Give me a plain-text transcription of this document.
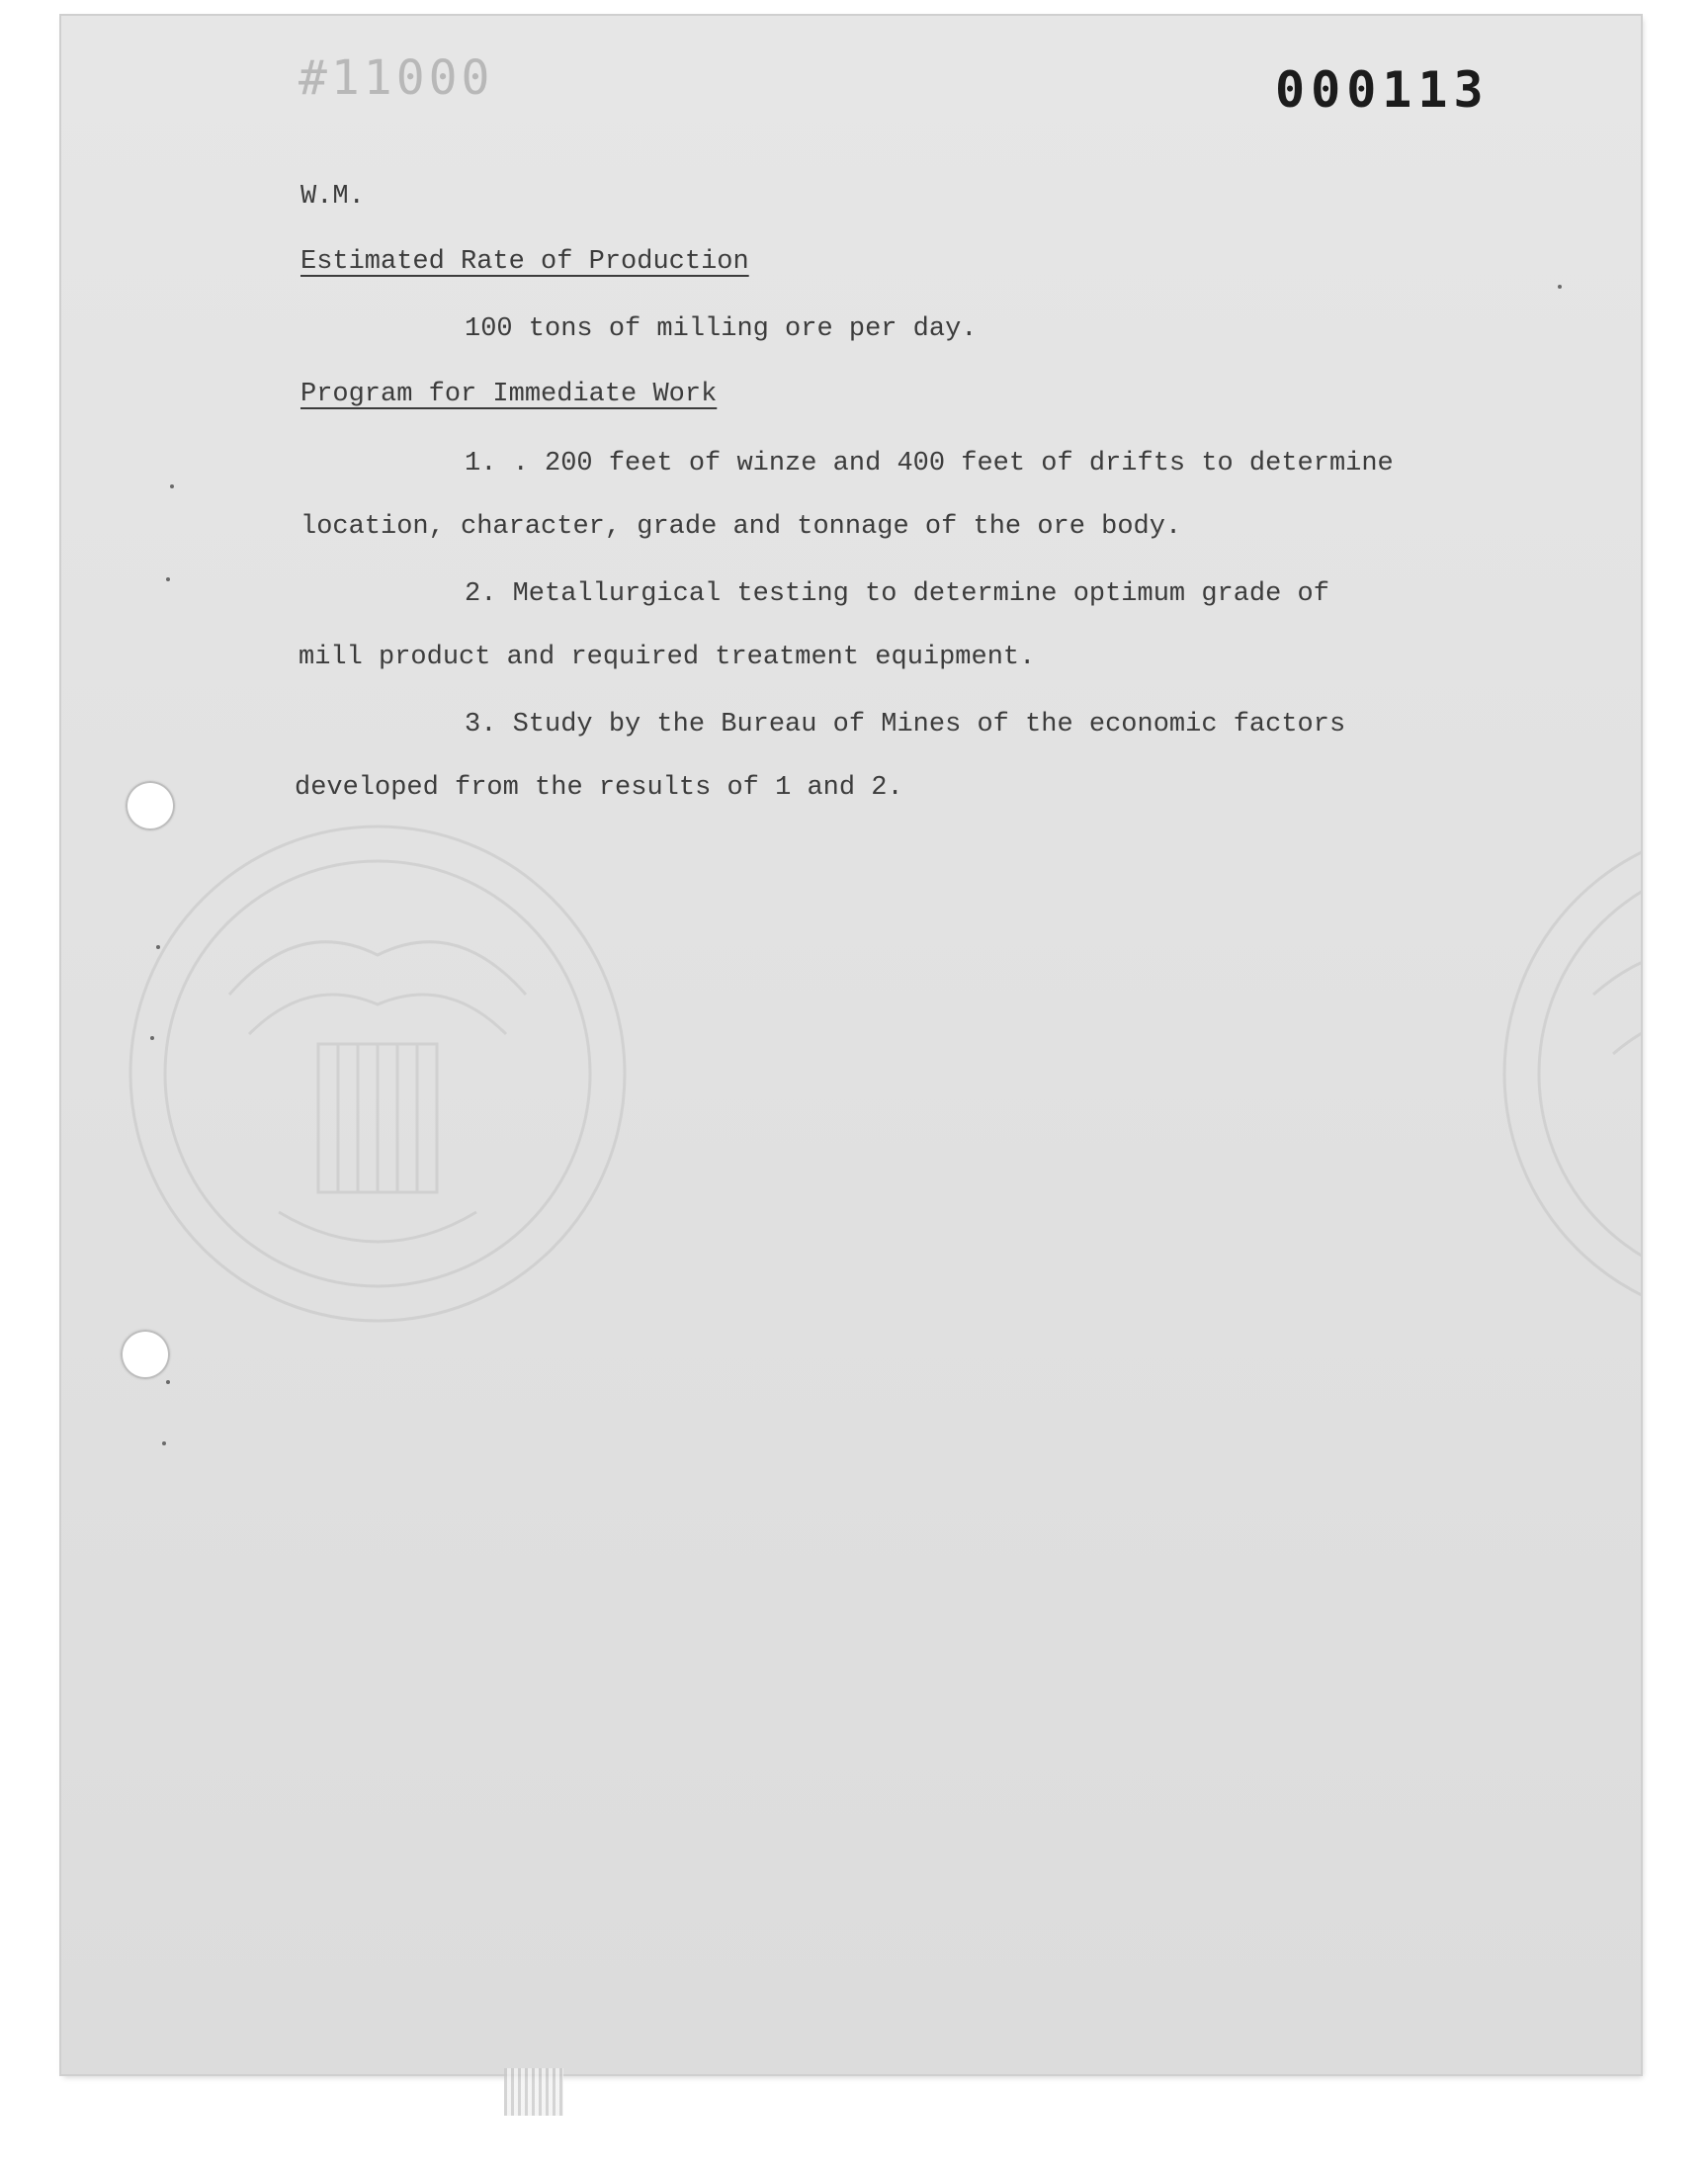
#11000	000113
W.M.
Estimated Rate of Production
100 tons of milling ore per day.
Program for Immediate Work
1. . 200 feet of winze and 400 feet of drifts to determine
location, character, grade and tonnage of the ore body.
2. Metallurgical testing to determine optimum grade of
mill product and required treatment equipment.
3. Study by the Bureau of Mines of the economic factors
developed from the results of 1 and 2.
